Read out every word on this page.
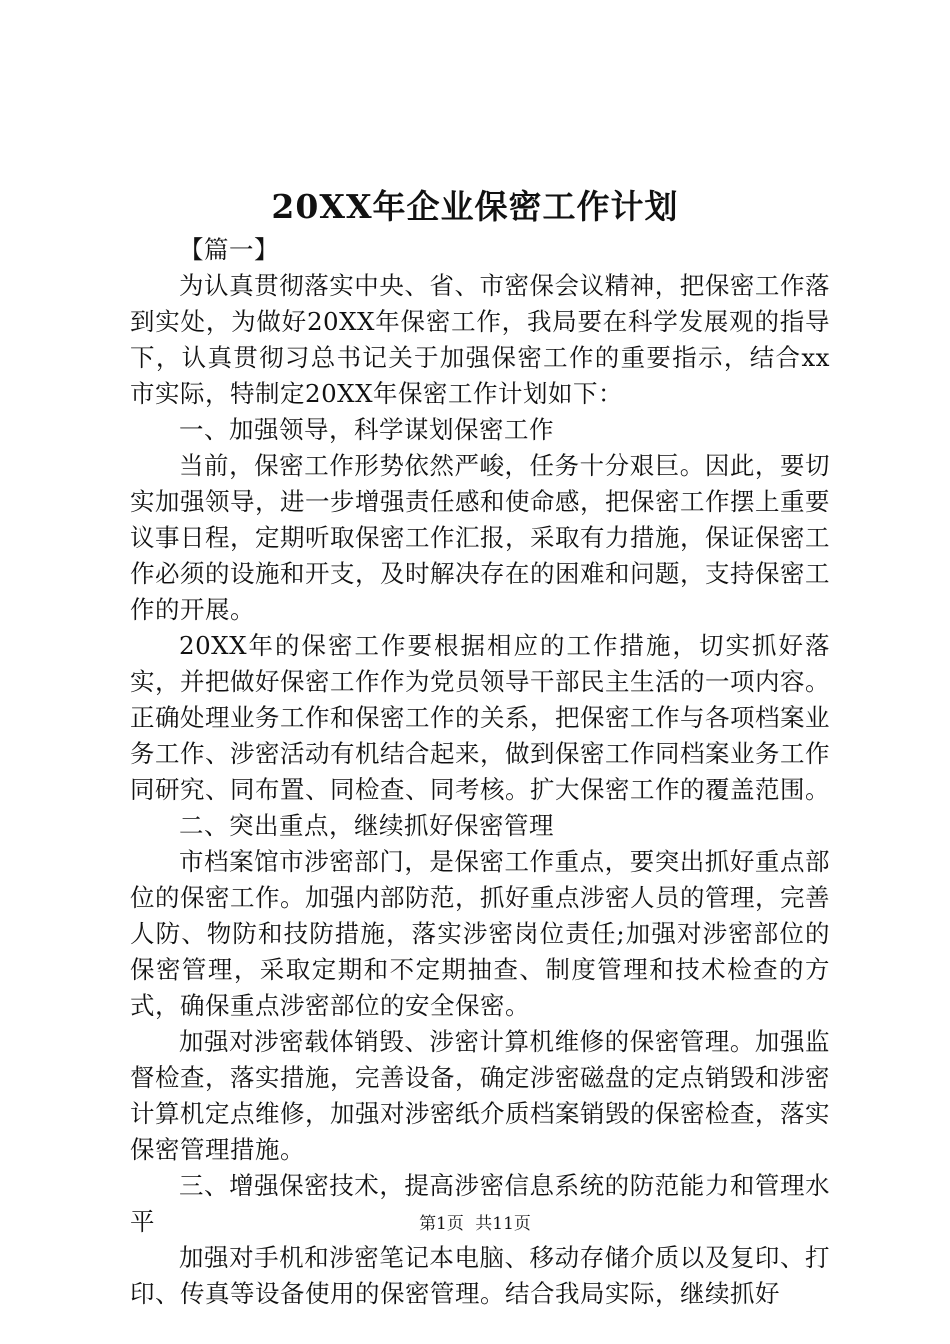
20XX年企业保密工作计划

【篇一】

为认真贯彻落实中央、省、市密保会议精神，把保密工作落到实处，为做好20XX年保密工作，我局要在科学发展观的指导下，认真贯彻习总书记关于加强保密工作的重要指示，结合xx市实际，特制定20XX年保密工作计划如下：

一、加强领导，科学谋划保密工作

当前，保密工作形势依然严峻，任务十分艰巨。因此，要切实加强领导，进一步增强责任感和使命感，把保密工作摆上重要议事日程，定期听取保密工作汇报，采取有力措施，保证保密工作必须的设施和开支，及时解决存在的困难和问题，支持保密工作的开展。

20XX年的保密工作要根据相应的工作措施，切实抓好落实，并把做好保密工作作为党员领导干部民主生活的一项内容。正确处理业务工作和保密工作的关系，把保密工作与各项档案业务工作、涉密活动有机结合起来，做到保密工作同档案业务工作同研究、同布置、同检查、同考核。扩大保密工作的覆盖范围。

二、突出重点，继续抓好保密管理

市档案馆市涉密部门，是保密工作重点，要突出抓好重点部位的保密工作。加强内部防范，抓好重点涉密人员的管理，完善人防、物防和技防措施，落实涉密岗位责任;加强对涉密部位的保密管理，采取定期和不定期抽查、制度管理和技术检查的方式，确保重点涉密部位的安全保密。

加强对涉密载体销毁、涉密计算机维修的保密管理。加强监督检查，落实措施，完善设备，确定涉密磁盘的定点销毁和涉密计算机定点维修，加强对涉密纸介质档案销毁的保密检查，落实保密管理措施。

三、增强保密技术，提高涉密信息系统的防范能力和管理水平

加强对手机和涉密笔记本电脑、移动存储介质以及复印、打印、传真等设备使用的保密管理。结合我局实际，继续抓好

第1页 共11页
